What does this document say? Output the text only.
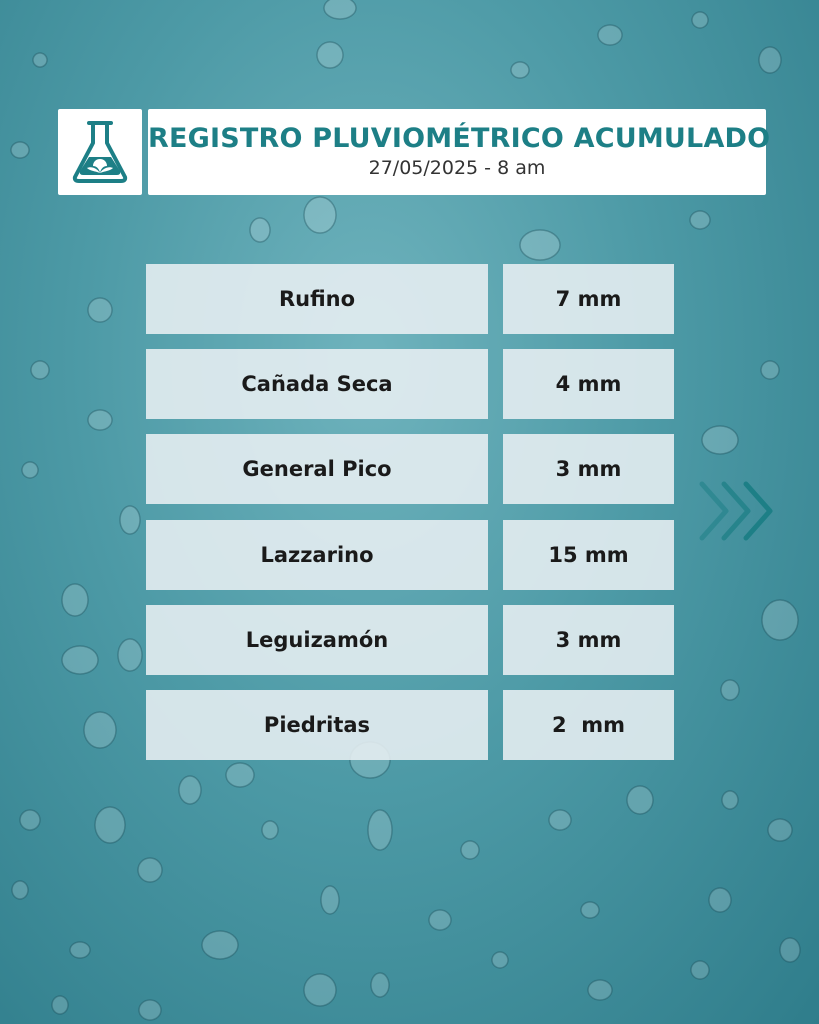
REGISTRO PLUVIOMÉTRICO ACUMULADO
27/05/2025 - 8 am
Rufino	7 mm
Cañada Seca	4 mm
General Pico	3 mm
Lazzarino	15 mm
Leguizamón	3 mm
Piedritas	2  mm
